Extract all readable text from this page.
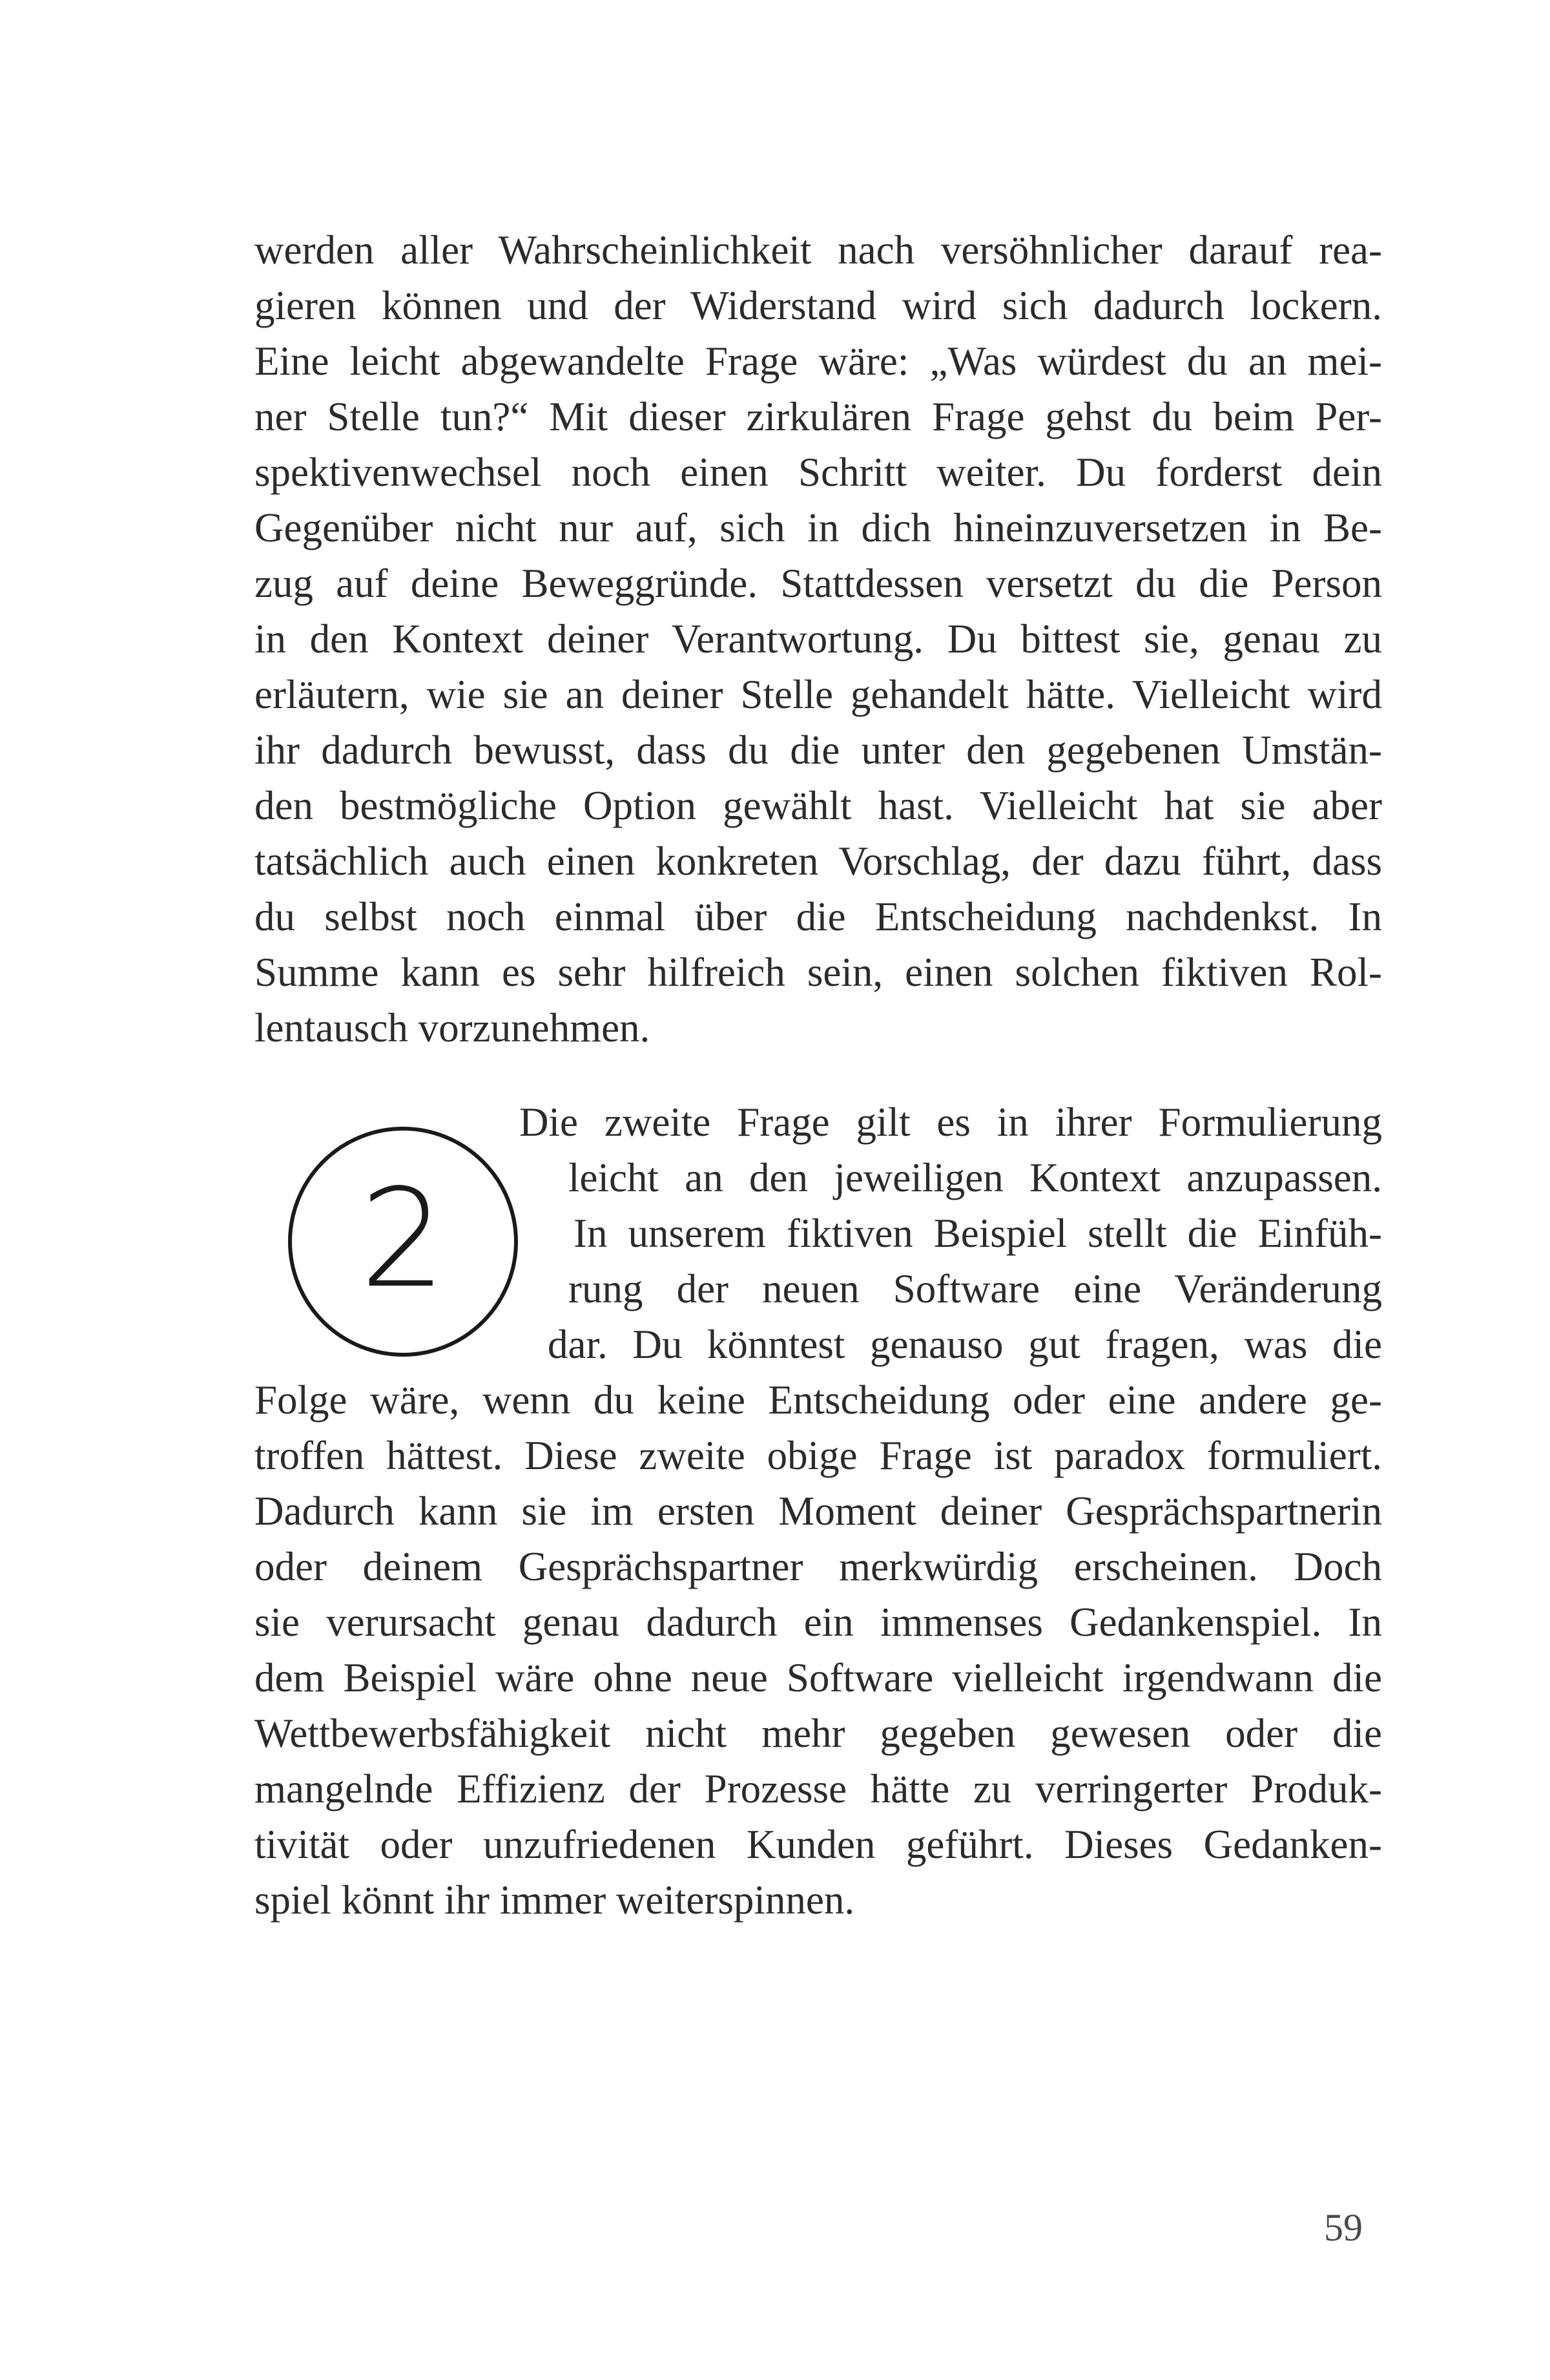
werden aller Wahrscheinlichkeit nach versöhnlicher darauf rea-
gieren können und der Widerstand wird sich dadurch lockern.
Eine leicht abgewandelte Frage wäre: „Was würdest du an mei-
ner Stelle tun?“ Mit dieser zirkulären Frage gehst du beim Per-
spektivenwechsel noch einen Schritt weiter. Du forderst dein
Gegenüber nicht nur auf, sich in dich hineinzuversetzen in Be-
zug auf deine Beweggründe. Stattdessen versetzt du die Person
in den Kontext deiner Verantwortung. Du bittest sie, genau zu
erläutern, wie sie an deiner Stelle gehandelt hätte. Vielleicht wird
ihr dadurch bewusst, dass du die unter den gegebenen Umstän-
den bestmögliche Option gewählt hast. Vielleicht hat sie aber
tatsächlich auch einen konkreten Vorschlag, der dazu führt, dass
du selbst noch einmal über die Entscheidung nachdenkst. In
Summe kann es sehr hilfreich sein, einen solchen fiktiven Rol-
lentausch vorzunehmen.
2
Die zweite Frage gilt es in ihrer Formulierung
leicht an den jeweiligen Kontext anzupassen.
In unserem fiktiven Beispiel stellt die Einfüh-
rung der neuen Software eine Veränderung
dar. Du könntest genauso gut fragen, was die
Folge wäre, wenn du keine Entscheidung oder eine andere ge-
troffen hättest. Diese zweite obige Frage ist paradox formuliert.
Dadurch kann sie im ersten Moment deiner Gesprächspartnerin
oder deinem Gesprächspartner merkwürdig erscheinen. Doch
sie verursacht genau dadurch ein immenses Gedankenspiel. In
dem Beispiel wäre ohne neue Software vielleicht irgendwann die
Wettbewerbsfähigkeit nicht mehr gegeben gewesen oder die
mangelnde Effizienz der Prozesse hätte zu verringerter Produk-
tivität oder unzufriedenen Kunden geführt. Dieses Gedanken-
spiel könnt ihr immer weiterspinnen.
59
